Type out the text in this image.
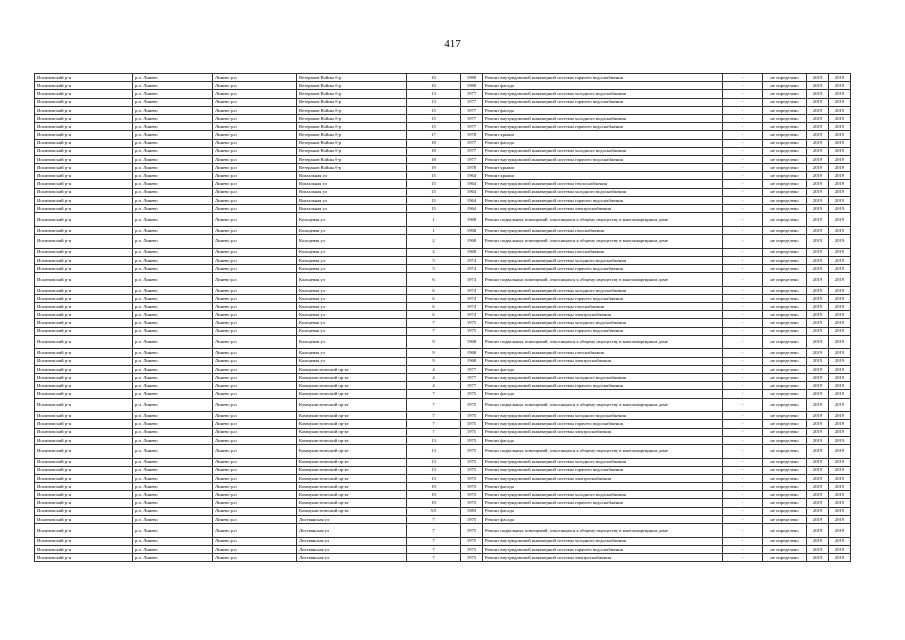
417
Искитимский р-н	р.п. Линево	Линево р.п	Ветеранов Войны б-р	10	1980	Ремонт внутридомовой инженерной системы горячего водоснабжения	-	не определено	2019	2019
Искитимский р-н	р.п. Линево	Линево р.п	Ветеранов Войны б-р	10	1980	Ремонт фасада	-	не определено	2019	2019
Искитимский р-н	р.п. Линево	Линево р.п	Ветеранов Войны б-р	13	1977	Ремонт внутридомовой инженерной системы холодного водоснабжения	-	не определено	2019	2019
Искитимский р-н	р.п. Линево	Линево р.п	Ветеранов Войны б-р	13	1977	Ремонт внутридомовой инженерной системы горячего водоснабжения	-	не определено	2019	2019
Искитимский р-н	р.п. Линево	Линево р.п	Ветеранов Войны б-р	15	1977	Ремонт фасада	-	не определено	2019	2019
Искитимский р-н	р.п. Линево	Линево р.п	Ветеранов Войны б-р	15	1977	Ремонт внутридомовой инженерной системы холодного водоснабжения	-	не определено	2019	2019
Искитимский р-н	р.п. Линево	Линево р.п	Ветеранов Войны б-р	15	1977	Ремонт внутридомовой инженерной системы горячего водоснабжения	-	не определено	2019	2019
Искитимский р-н	р.п. Линево	Линево р.п	Ветеранов Войны б-р	17	1978	Ремонт крыши	-	не определено	2019	2019
Искитимский р-н	р.п. Линево	Линево р.п	Ветеранов Войны б-р	18	1977	Ремонт фасада	-	не определено	2019	2019
Искитимский р-н	р.п. Линево	Линево р.п	Ветеранов Войны б-р	18	1977	Ремонт внутридомовой инженерной системы холодного водоснабжения	-	не определено	2019	2019
Искитимский р-н	р.п. Линево	Линево р.п	Ветеранов Войны б-р	18	1977	Ремонт внутридомовой инженерной системы горячего водоснабжения	-	не определено	2019	2019
Искитимский р-н	р.п. Линево	Линево р.п	Ветеранов Войны б-р	19	1978	Ремонт крыши	-	не определено	2019	2019
Искитимский р-н	р.п. Линево	Линево р.п	Вокзальная ул	15	1964	Ремонт крыши	-	не определено	2019	2019
Искитимский р-н	р.п. Линево	Линево р.п	Вокзальная ул	15	1964	Ремонт внутридомовой инженерной системы теплоснабжения	-	не определено	2019	2019
Искитимский р-н	р.п. Линево	Линево р.п	Вокзальная ул	15	1964	Ремонт внутридомовой инженерной системы холодного водоснабжения	-	не определено	2019	2019
Искитимский р-н	р.п. Линево	Линево р.п	Вокзальная ул	15	1964	Ремонт внутридомовой инженерной системы горячего водоснабжения	-	не определено	2019	2019
Искитимский р-н	р.п. Линево	Линево р.п	Вокзальная ул	15	1964	Ремонт внутридомовой инженерной системы электроснабжения	-	не определено	2019	2019
Искитимский р-н	р.п. Линево	Линево р.п	Кольцевая ул	1	1968	Ремонт подвальных помещений, относящихся к общему имуществу в многоквартирном доме	-	не определено	2019	2019
Искитимский р-н	р.п. Линево	Линево р.п	Кольцевая ул	1	1968	Ремонт внутридомовой инженерной системы газоснабжения	-	не определено	2019	2019
Искитимский р-н	р.п. Линево	Линево р.п	Кольцевая ул	2	1968	Ремонт подвальных помещений, относящихся к общему имуществу в многоквартирном доме	-	не определено	2019	2019
Искитимский р-н	р.п. Линево	Линево р.п	Кольцевая ул	2	1968	Ремонт внутридомовой инженерной системы газоснабжения	-	не определено	2019	2019
Искитимский р-н	р.п. Линево	Линево р.п	Кольцевая ул	5	1974	Ремонт внутридомовой инженерной системы холодного водоснабжения	-	не определено	2019	2019
Искитимский р-н	р.п. Линево	Линево р.п	Кольцевая ул	5	1974	Ремонт внутридомовой инженерной системы горячего водоснабжения	-	не определено	2019	2019
Искитимский р-н	р.п. Линево	Линево р.п	Кольцевая ул	6	1974	Ремонт подвальных помещений, относящихся к общему имуществу в многоквартирном доме	-	не определено	2019	2019
Искитимский р-н	р.п. Линево	Линево р.п	Кольцевая ул	6	1974	Ремонт внутридомовой инженерной системы холодного водоснабжения	-	не определено	2019	2019
Искитимский р-н	р.п. Линево	Линево р.п	Кольцевая ул	6	1974	Ремонт внутридомовой инженерной системы горячего водоснабжения	-	не определено	2019	2019
Искитимский р-н	р.п. Линево	Линево р.п	Кольцевая ул	6	1974	Ремонт внутридомовой инженерной системы газоснабжения	-	не определено	2019	2019
Искитимский р-н	р.п. Линево	Линево р.п	Кольцевая ул	6	1974	Ремонт внутридомовой инженерной системы электроснабжения	-	не определено	2019	2019
Искитимский р-н	р.п. Линево	Линево р.п	Кольцевая ул	7	1975	Ремонт внутридомовой инженерной системы холодного водоснабжения	-	не определено	2019	2019
Искитимский р-н	р.п. Линево	Линево р.п	Кольцевая ул	7	1975	Ремонт внутридомовой инженерной системы горячего водоснабжения	-	не определено	2019	2019
Искитимский р-н	р.п. Линево	Линево р.п	Кольцевая ул	9	1968	Ремонт подвальных помещений, относящихся к общему имуществу в многоквартирном доме	-	не определено	2019	2019
Искитимский р-н	р.п. Линево	Линево р.п	Кольцевая ул	9	1968	Ремонт внутридомовой инженерной системы газоснабжения	-	не определено	2019	2019
Искитимский р-н	р.п. Линево	Линево р.п	Кольцевая ул	9	1968	Ремонт внутридомовой инженерной системы электроснабжения	-	не определено	2019	2019
Искитимский р-н	р.п. Линево	Линево р.п	Коммунистический пр-кт	4	1977	Ремонт фасада	-	не определено	2019	2019
Искитимский р-н	р.п. Линево	Линево р.п	Коммунистический пр-кт	4	1977	Ремонт внутридомовой инженерной системы холодного водоснабжения	-	не определено	2019	2019
Искитимский р-н	р.п. Линево	Линево р.п	Коммунистический пр-кт	4	1977	Ремонт внутридомовой инженерной системы горячего водоснабжения	-	не определено	2019	2019
Искитимский р-н	р.п. Линево	Линево р.п	Коммунистический пр-кт	7	1975	Ремонт фасада	-	не определено	2019	2019
Искитимский р-н	р.п. Линево	Линево р.п	Коммунистический пр-кт	7	1975	Ремонт подвальных помещений, относящихся к общему имуществу в многоквартирном доме	-	не определено	2019	2019
Искитимский р-н	р.п. Линево	Линево р.п	Коммунистический пр-кт	7	1975	Ремонт внутридомовой инженерной системы холодного водоснабжения	-	не определено	2019	2019
Искитимский р-н	р.п. Линево	Линево р.п	Коммунистический пр-кт	7	1975	Ремонт внутридомовой инженерной системы горячего водоснабжения	-	не определено	2019	2019
Искитимский р-н	р.п. Линево	Линево р.п	Коммунистический пр-кт	7	1975	Ремонт внутридомовой инженерной системы электроснабжения	-	не определено	2019	2019
Искитимский р-н	р.п. Линево	Линево р.п	Коммунистический пр-кт	13	1975	Ремонт фасада	-	не определено	2019	2019
Искитимский р-н	р.п. Линево	Линево р.п	Коммунистический пр-кт	13	1975	Ремонт подвальных помещений, относящихся к общему имуществу в многоквартирном доме	-	не определено	2019	2019
Искитимский р-н	р.п. Линево	Линево р.п	Коммунистический пр-кт	13	1975	Ремонт внутридомовой инженерной системы холодного водоснабжения	-	не определено	2019	2019
Искитимский р-н	р.п. Линево	Линево р.п	Коммунистический пр-кт	13	1975	Ремонт внутридомовой инженерной системы горячего водоснабжения	-	не определено	2019	2019
Искитимский р-н	р.п. Линево	Линево р.п	Коммунистический пр-кт	13	1975	Ремонт внутридомовой инженерной системы электроснабжения	-	не определено	2019	2019
Искитимский р-н	р.п. Линево	Линево р.п	Коммунистический пр-кт	19	1975	Ремонт фасада	-	не определено	2019	2019
Искитимский р-н	р.п. Линево	Линево р.п	Коммунистический пр-кт	19	1975	Ремонт внутридомовой инженерной системы холодного водоснабжения	-	не определено	2019	2019
Искитимский р-н	р.п. Линево	Линево р.п	Коммунистический пр-кт	19	1975	Ремонт внутридомовой инженерной системы горячего водоснабжения	-	не определено	2019	2019
Искитимский р-н	р.п. Линево	Линево р.п	Коммунистический пр-кт	5/5	1983	Ремонт фасада	-	не определено	2019	2019
Искитимский р-н	р.п. Линево	Линево р.п	Листвянская ул	7	1975	Ремонт фасада	-	не определено	2019	2019
Искитимский р-н	р.п. Линево	Линево р.п	Листвянская ул	7	1975	Ремонт подвальных помещений, относящихся к общему имуществу в многоквартирном доме	-	не определено	2019	2019
Искитимский р-н	р.п. Линево	Линево р.п	Листвянская ул	7	1975	Ремонт внутридомовой инженерной системы холодного водоснабжения	-	не определено	2019	2019
Искитимский р-н	р.п. Линево	Линево р.п	Листвянская ул	7	1975	Ремонт внутридомовой инженерной системы горячего водоснабжения	-	не определено	2019	2019
Искитимский р-н	р.п. Линево	Линево р.п	Листвянская ул	7	1975	Ремонт внутридомовой инженерной системы электроснабжения	-	не определено	2019	2019
